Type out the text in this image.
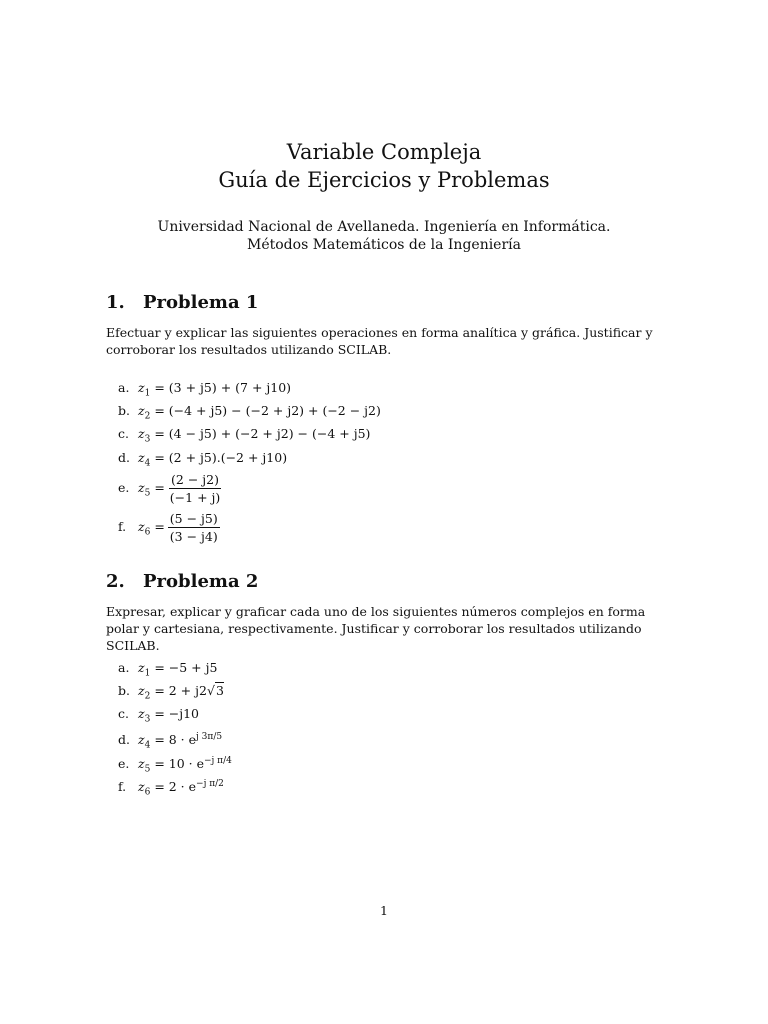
Variable Compleja
Guía de Ejercicios y Problemas
Universidad Nacional de Avellaneda. Ingeniería en Informática.
Métodos Matemáticos de la Ingeniería
1. Problema 1
Efectuar y explicar las siguientes operaciones en forma analítica y gráfica. Justificar y corroborar los resultados utilizando SCILAB.
a. $z_1 = (3 + j5) + (7 + j10)$
b. $z_2 = (-4 + j5) - (-2 + j2) + (-2 - j2)$
c. $z_3 = (4 - j5) + (-2 + j2) - (-4 + j5)$
d. $z_4 = (2 + j5).(-2 + j10)$
e. $z_5 = \frac{(2 - j2)}{(-1 + j)}$
f. $z_6 = \frac{(5 - j5)}{(3 - j4)}$
2. Problema 2
Expresar, explicar y graficar cada uno de los siguientes números complejos en forma polar y cartesiana, respectivamente. Justificar y corroborar los resultados utilizando SCILAB.
a. $z_1 = -5 + j5$
b. $z_2 = 2 + j2√3$
c. $z_3 = -j10$
d. $z_4 = 8 \cdot e^{j 3\pi/5}$
e. $z_5 = 10 \cdot e^{-j \pi/4}$
f. $z_6 = 2 \cdot e^{-j \pi/2}$
1
